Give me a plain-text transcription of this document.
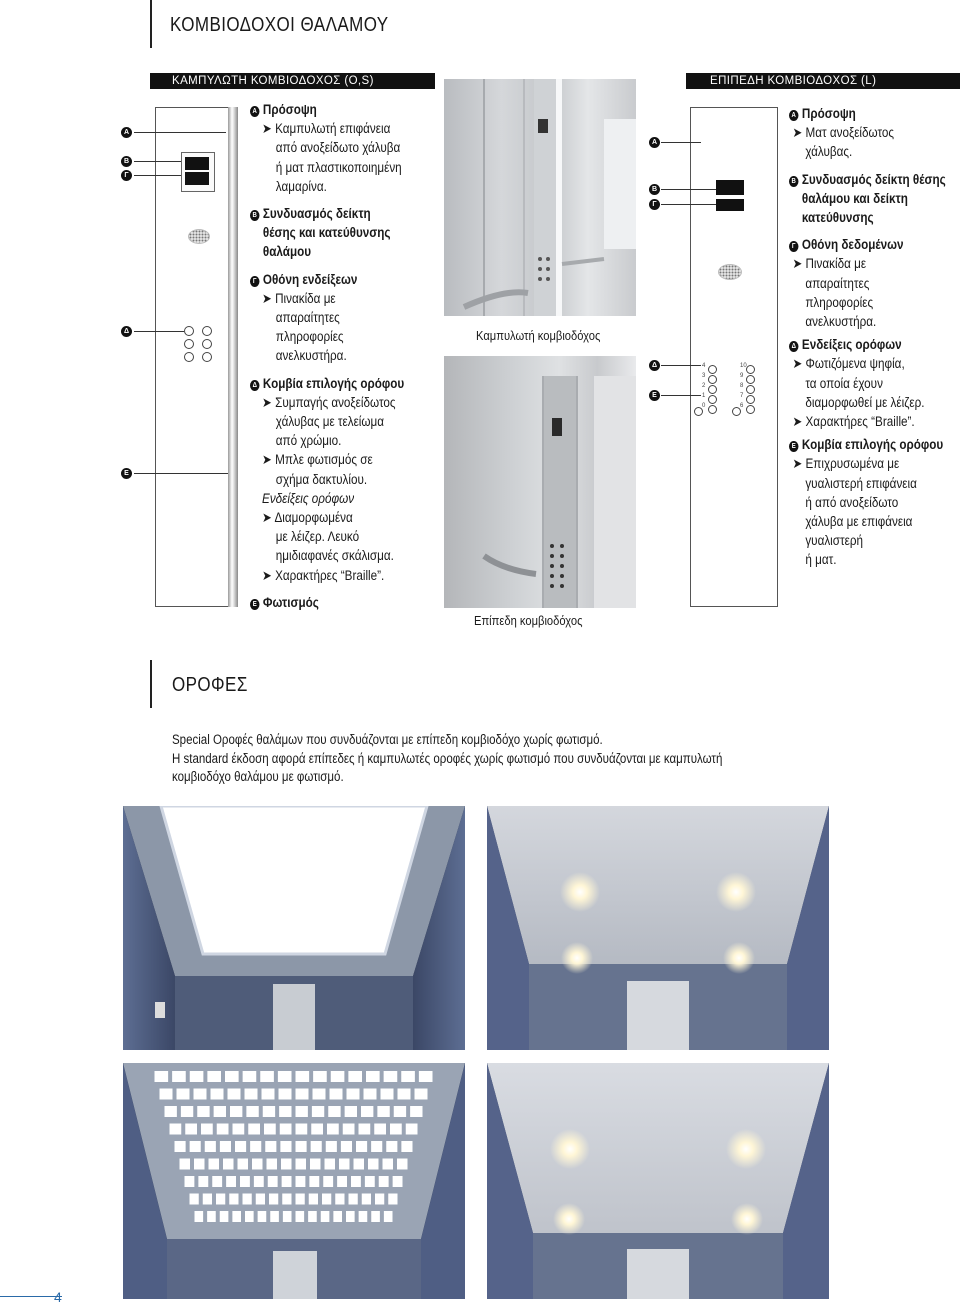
ΚΟΜΒΙΟΔΟΧΟΙ ΘΑΛΑΜΟΥ
ΚΑΜΠΥΛΩΤΗ ΚΟΜΒΙΟΔΟΧΟΣ (O,S)	ΕΠΙΠΕΔΗ ΚΟΜΒΙΟΔΟΧΟΣ (L)
Α
Β
Γ
Δ
Ε
Α Πρόσοψη
➤ Καμπυλωτή επιφάνεια
από ανοξείδωτο χάλυβα
ή ματ πλαστικοποιημένη
λαμαρίνα.
Β Συνδυασμός δείκτη
θέσης και κατεύθυνσης
θαλάμου
Γ Οθόνη ενδείξεων
➤ Πινακίδα με
απαραίτητες
πληροφορίες
ανελκυστήρα.
Δ Κομβία επιλογής ορόφου
➤ Συμπαγής ανοξείδωτος
χάλυβας με τελείωμα
από χρώμιο.
➤ Μπλε φωτισμός σε
σχήμα δακτυλίου.
Ενδείξεις ορόφων
➤ Διαμορφωμένα
με λέιζερ. Λευκό
ημιδιαφανές σκάλισμα.
➤ Χαρακτήρες “Braille”.
Ε Φωτισμός
Καμπυλωτή κομβιοδόχος
Επίπεδη κομβιοδόχος
Α
Β
Γ
Δ
Ε
4	10
3	9
2	8
1	7
0	6
Α Πρόσοψη
➤ Ματ ανοξείδωτος
χάλυβας.
Β Συνδυασμός δείκτη θέσης
θαλάμου και δείκτη
κατεύθυνσης
Γ Οθόνη δεδομένων
➤ Πινακίδα με
απαραίτητες
πληροφορίες
ανελκυστήρα.
Δ Ενδείξεις ορόφων
➤ Φωτιζόμενα ψηφία,
τα οποία έχουν
διαμορφωθεί με λέιζερ.
➤ Χαρακτήρες “Braille”.
Ε Κομβία επιλογής ορόφου
➤ Επιχρυσωμένα με
γυαλιστερή επιφάνεια
ή από ανοξείδωτο
χάλυβα με επιφάνεια
γυαλιστερή
ή ματ.
ΟΡΟΦΕΣ
Special Οροφές θαλάμων που συνδυάζονται με επίπεδη κομβιοδόχο χωρίς φωτισμό.
Η standard έκδοση αφορά επίπεδες ή καμπυλωτές οροφές χωρίς φωτισμό που συνδυάζονται με καμπυλωτή
κομβιοδόχο θαλάμου με φωτισμό.
4
